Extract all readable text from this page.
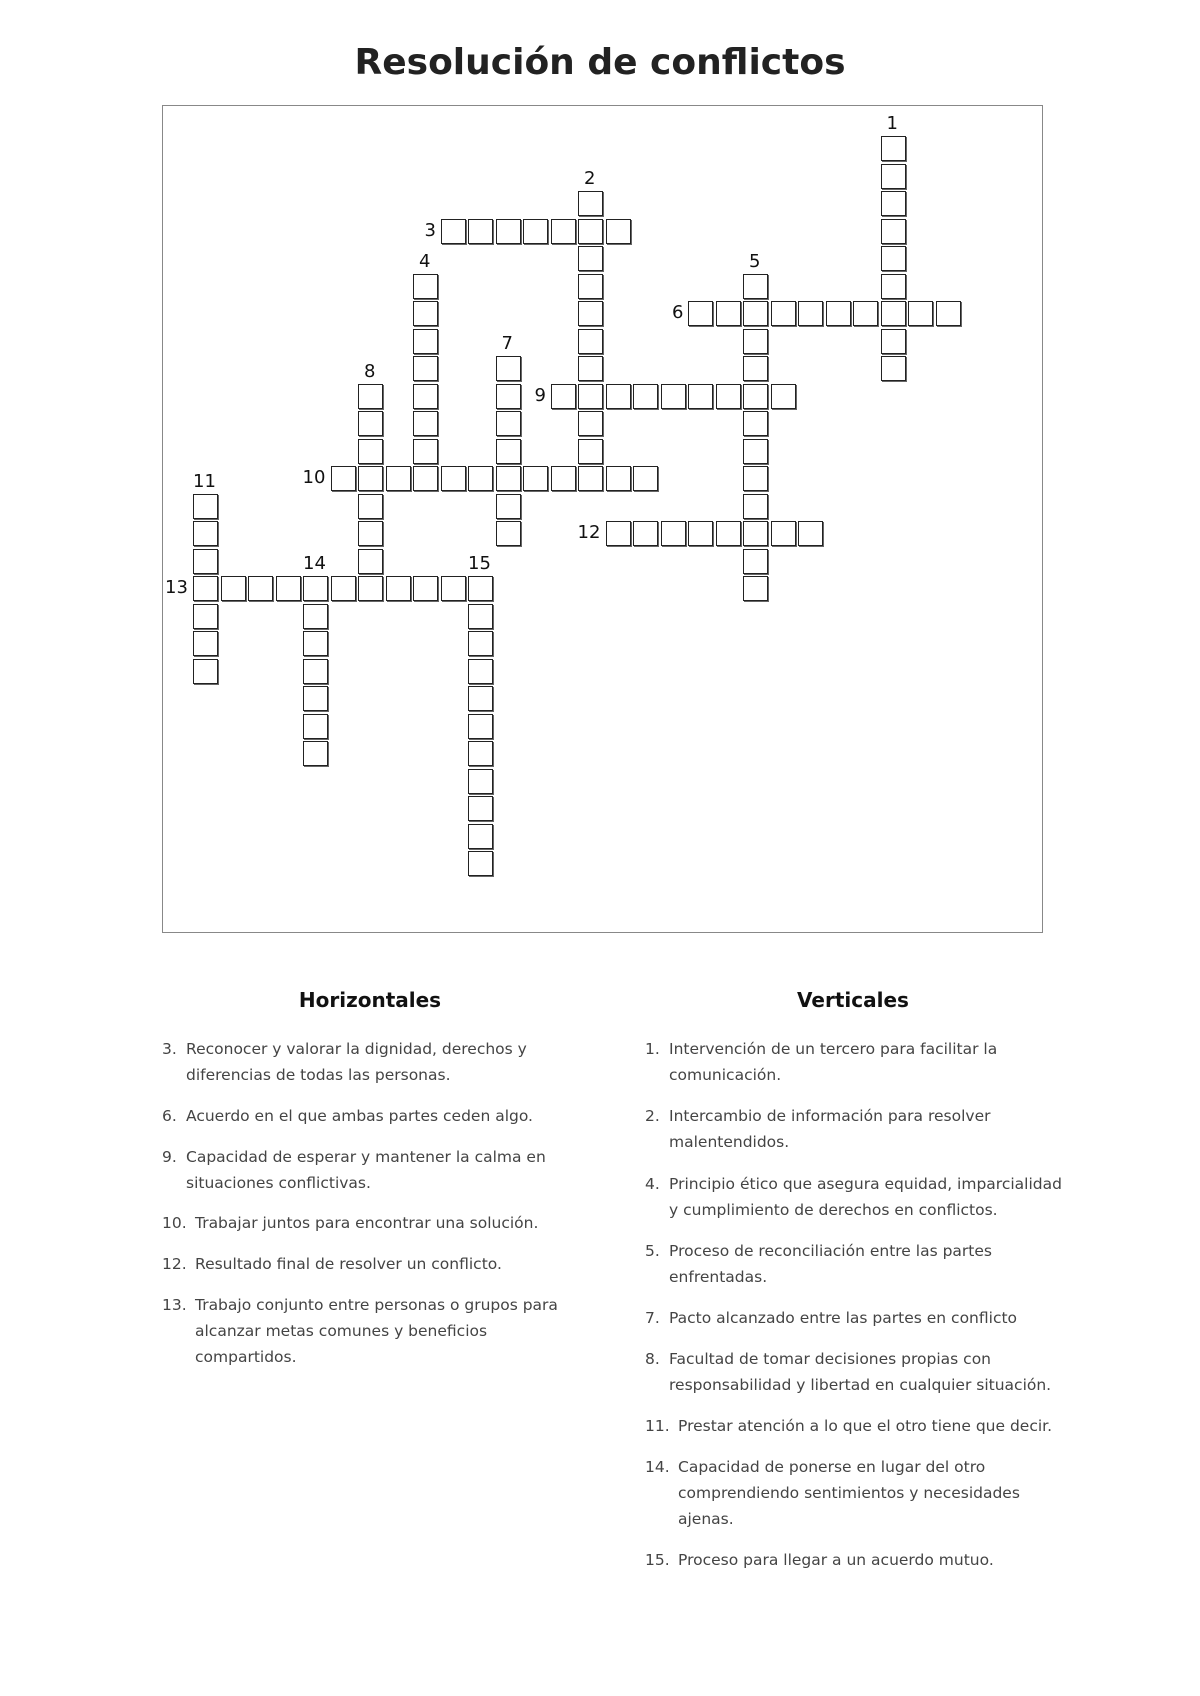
Resolución de conflictos
1
2
3
4	5
6
7
8
9
10
11
12
13
14	15
Horizontales	Verticales
3. Reconocer y valorar la dignidad, derechos y diferencias de todas las personas.
6. Acuerdo en el que ambas partes ceden algo.
9. Capacidad de esperar y mantener la calma en situaciones conflictivas.
10. Trabajar juntos para encontrar una solución.
12. Resultado final de resolver un conflicto.
13. Trabajo conjunto entre personas o grupos para alcanzar metas comunes y beneficios compartidos.
1. Intervención de un tercero para facilitar la comunicación.
2. Intercambio de información para resolver malentendidos.
4. Principio ético que asegura equidad, imparcialidad y cumplimiento de derechos en conflictos.
5. Proceso de reconciliación entre las partes enfrentadas.
7. Pacto alcanzado entre las partes en conflicto
8. Facultad de tomar decisiones propias con responsabilidad y libertad en cualquier situación.
11. Prestar atención a lo que el otro tiene que decir.
14. Capacidad de ponerse en lugar del otro comprendiendo sentimientos y necesidades ajenas.
15. Proceso para llegar a un acuerdo mutuo.
